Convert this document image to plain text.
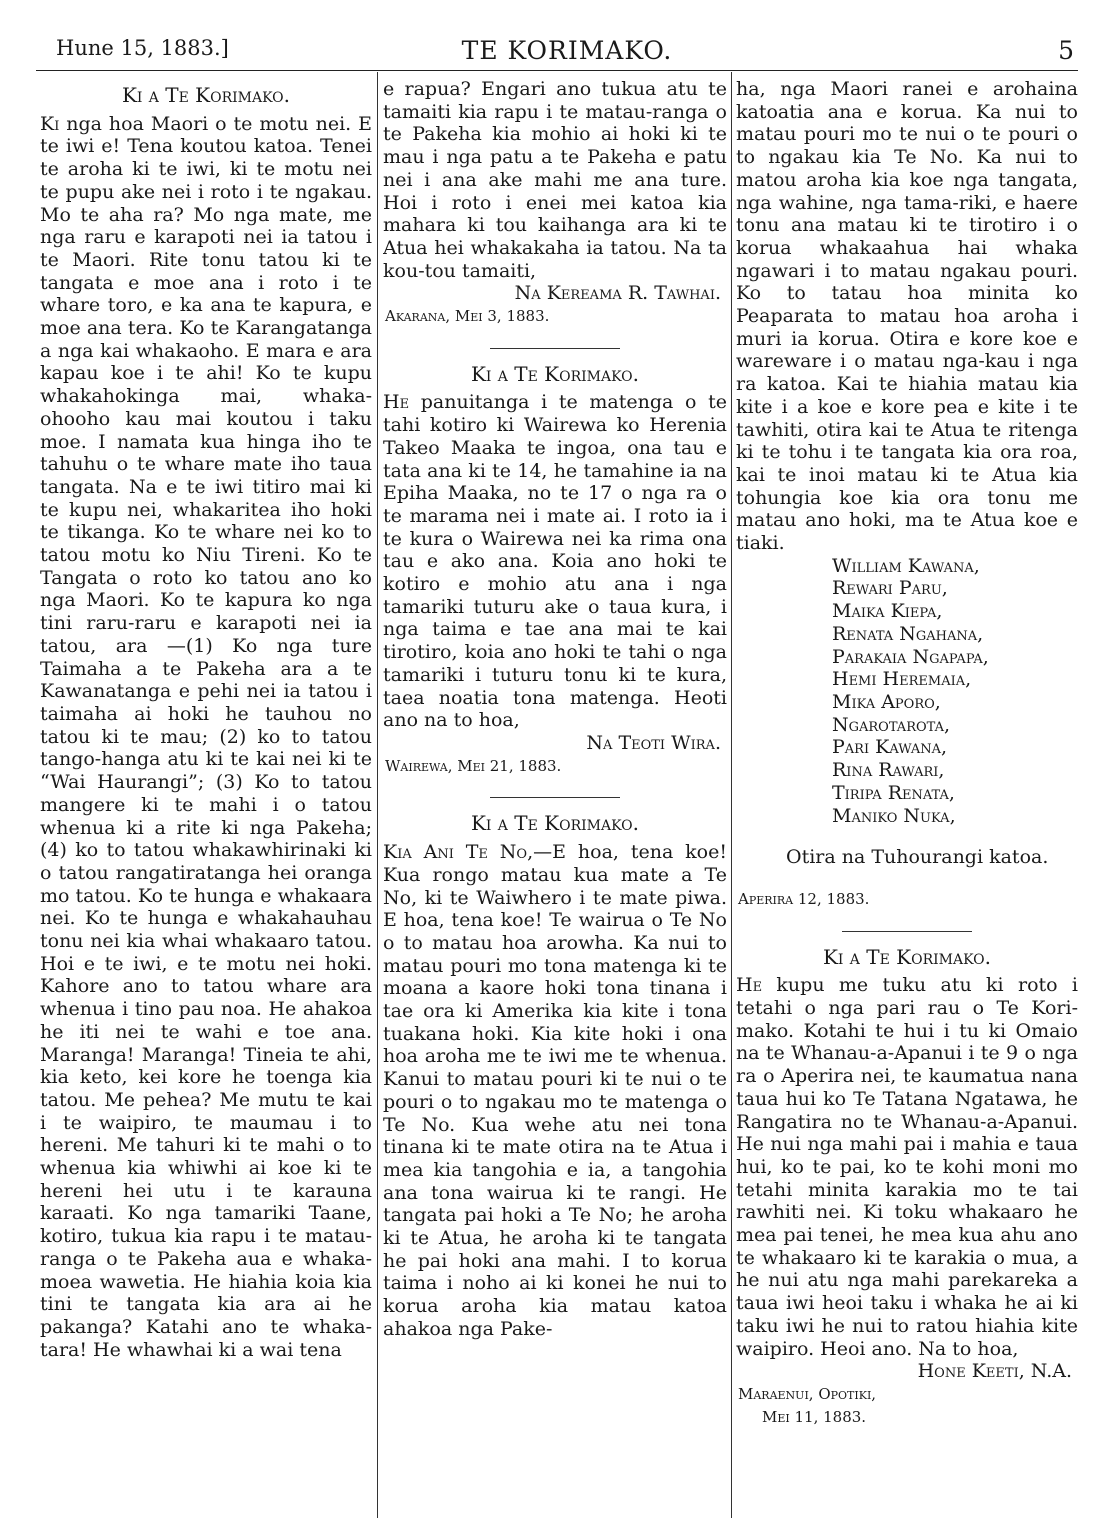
Hune 15, 1883.]	TE KORIMAKO.	5
Ki a Te Korimako.

Ki nga hoa Maori o te motu nei. E te iwi e! Tena koutou katoa. Tenei te aroha ki te iwi, ki te motu nei te pupu ake nei i roto i te ngakau. Mo te aha ra? Mo nga mate, me nga raru e karapoti nei ia tatou i te Maori. Rite tonu tatou ki te tangata e moe ana i roto i te whare toro, e ka ana te kapura, e moe ana tera. Ko te Karangatanga a nga kai whakaoho. E mara e ara kapau koe i te ahi! Ko te kupu whakahokinga mai, whaka-ohooho kau mai koutou i taku moe. I namata kua hinga iho te tahuhu o te whare mate iho taua tangata. Na e te iwi titiro mai ki te kupu nei, whakaritea iho hoki te tikanga. Ko te whare nei ko to tatou motu ko Niu Tireni. Ko te Tangata o roto ko tatou ano ko nga Maori. Ko te kapura ko nga tini raru-raru e karapoti nei ia tatou, ara —(1) Ko nga ture Taimaha a te Pakeha ara a te Kawanatanga e pehi nei ia tatou i taimaha ai hoki he tauhou no tatou ki te mau; (2) ko to tatou tango-hanga atu ki te kai nei ki te “Wai Haurangi”; (3) Ko to tatou mangere ki te mahi i o tatou whenua ki a rite ki nga Pakeha; (4) ko to tatou whakawhirinaki ki o tatou rangatiratanga hei oranga mo tatou. Ko te hunga e whakaara nei. Ko te hunga e whakahauhau tonu nei kia whai whakaaro tatou. Hoi e te iwi, e te motu nei hoki. Kahore ano to tatou whare ara whenua i tino pau noa. He ahakoa he iti nei te wahi e toe ana. Maranga! Maranga! Tineia te ahi, kia keto, kei kore he toenga kia tatou. Me pehea? Me mutu te kai i te waipiro, te maumau i to hereni. Me tahuri ki te mahi o to whenua kia whiwhi ai koe ki te hereni hei utu i te karauna karaati. Ko nga tamariki Taane, kotiro, tukua kia rapu i te matau-ranga o te Pakeha aua e whaka-moea wawetia. He hiahia koia kia tini te tangata kia ara ai he pakanga? Katahi ano te whaka-tara! He whawhai ki a wai tena

e rapua? Engari ano tukua atu te tamaiti kia rapu i te matau-ranga o te Pakeha kia mohio ai hoki ki te mau i nga patu a te Pakeha e patu nei i ana ake mahi me ana ture. Hoi i roto i enei mei katoa kia mahara ki tou kaihanga ara ki te Atua hei whakakaha ia tatou. Na ta kou-tou tamaiti,

Na Kereama R. Tawhai.

Akarana, Mei 3, 1883.

Ki a Te Korimako.

He panuitanga i te matenga o te tahi kotiro ki Wairewa ko Herenia Takeo Maaka te ingoa, ona tau e tata ana ki te 14, he tamahine ia na Epiha Maaka, no te 17 o nga ra o te marama nei i mate ai. I roto ia i te kura o Wairewa nei ka rima ona tau e ako ana. Koia ano hoki te kotiro e mohio atu ana i nga tamariki tuturu ake o taua kura, i nga taima e tae ana mai te kai tirotiro, koia ano hoki te tahi o nga tamariki i tuturu tonu ki te kura, taea noatia tona matenga. Heoti ano na to hoa,

Na Teoti Wira.

Wairewa, Mei 21, 1883.

Ki a Te Korimako.

Kia Ani Te No,—E hoa, tena koe! Kua rongo matau kua mate a Te No, ki te Waiwhero i te mate piwa. E hoa, tena koe! Te wairua o Te No o to matau hoa arowha. Ka nui to matau pouri mo tona matenga ki te moana a kaore hoki tona tinana i tae ora ki Amerika kia kite i tona tuakana hoki. Kia kite hoki i ona hoa aroha me te iwi me te whenua. Kanui to matau pouri ki te nui o te pouri o to ngakau mo te matenga o Te No. Kua wehe atu nei tona tinana ki te mate otira na te Atua i mea kia tangohia e ia, a tangohia ana tona wairua ki te rangi. He tangata pai hoki a Te No; he aroha ki te Atua, he aroha ki te tangata he pai hoki ana mahi. I to korua taima i noho ai ki konei he nui to korua aroha kia matau katoa ahakoa nga Pake-

ha, nga Maori ranei e arohaina katoatia ana e korua. Ka nui to matau pouri mo te nui o te pouri o to ngakau kia Te No. Ka nui to matou aroha kia koe nga tangata, nga wahine, nga tama-riki, e haere tonu ana matau ki te tirotiro i o korua whakaahua hai whaka ngawari i to matau ngakau pouri. Ko to tatau hoa minita ko Peaparata to matau hoa aroha i muri ia korua. Otira e kore koe e wareware i o matau nga-kau i nga ra katoa. Kai te hiahia matau kia kite i a koe e kore pea e kite i te tawhiti, otira kai te Atua te ritenga ki te tohu i te tangata kia ora roa, kai te inoi matau ki te Atua kia tohungia koe kia ora tonu me matau ano hoki, ma te Atua koe e tiaki.

William Kawana,
Rewari Paru,
Maika Kiepa,
Renata Ngahana,
Parakaia Ngapapa,
Hemi Heremaia,
Mika Aporo,
Ngarotarota,
Pari Kawana,
Rina Rawari,
Tiripa Renata,
Maniko Nuka,

Otira na Tuhourangi katoa.

Aperira 12, 1883.

Ki a Te Korimako.

He kupu me tuku atu ki roto i tetahi o nga pari rau o Te Kori-mako. Kotahi te hui i tu ki Omaio na te Whanau-a-Apanui i te 9 o nga ra o Aperira nei, te kaumatua nana taua hui ko Te Tatana Ngatawa, he Rangatira no te Whanau-a-Apanui. He nui nga mahi pai i mahia e taua hui, ko te pai, ko te kohi moni mo tetahi minita karakia mo te tai rawhiti nei. Ki toku whakaaro he mea pai tenei, he mea kua ahu ano te whakaaro ki te karakia o mua, a he nui atu nga mahi parekareka a taua iwi heoi taku i whaka he ai ki taku iwi he nui to ratou hiahia kite waipiro. Heoi ano. Na to hoa,

Hone Keeti, N.A.

Maraenui, Opotiki,

Mei 11, 1883.
